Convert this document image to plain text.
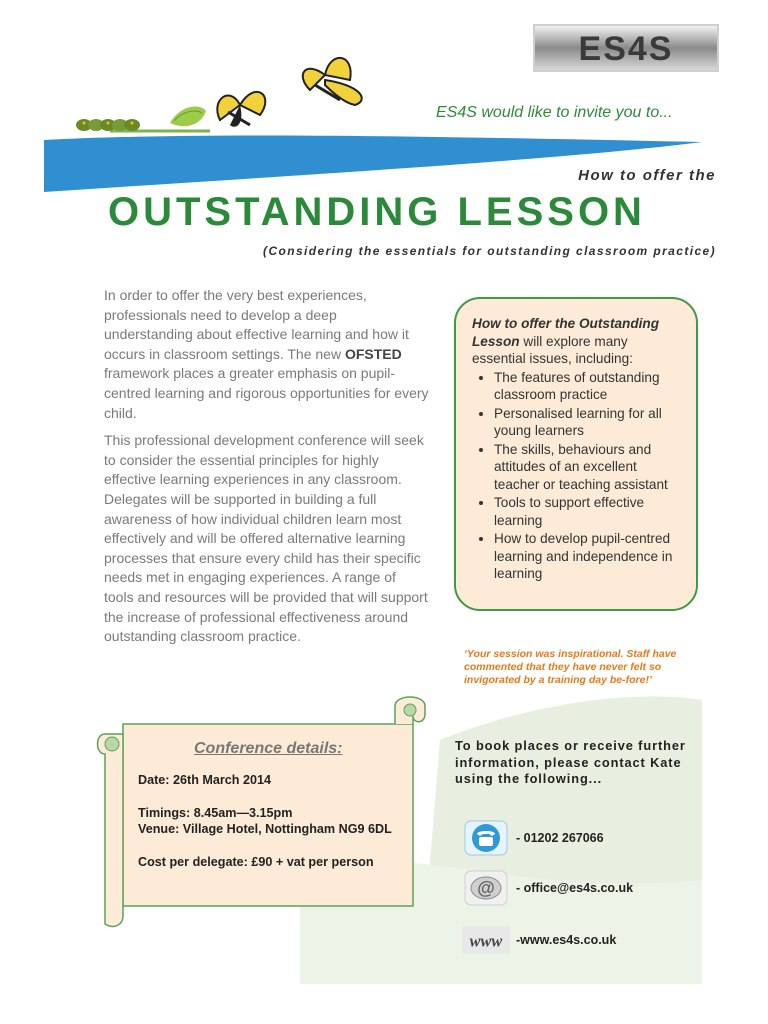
ES4S
ES4S would like to invite you to...
How to offer the
OUTSTANDING LESSON
(Considering the essentials for outstanding classroom practice)

In order to offer the very best experiences, professionals need to develop a deep understanding about effective learning and how it occurs in classroom settings. The new OFSTED framework places a greater emphasis on pupil-centred learning and rigorous opportunities for every child.

This professional development conference will seek to consider the essential principles for highly effective learning experiences in any classroom. Delegates will be supported in building a full awareness of how individual children learn most effectively and will be offered alternative learning processes that ensure every child has their specific needs met in engaging experiences. A range of tools and resources will be provided that will support the increase of professional effectiveness around outstanding classroom practice.

How to offer the Outstanding Lesson will explore many essential issues, including:
• The features of outstanding classroom practice
• Personalised learning for all young learners
• The skills, behaviours and attitudes of an excellent teacher or teaching assistant
• Tools to support effective learning
• How to develop pupil-centred learning and independence in learning
‘Your session was inspirational. Staff have commented that they have never felt so invigorated by a training day be-fore!’
Conference details:
Date: 26th March 2014
Timings: 8.45am—3.15pm
Venue: Village Hotel, Nottingham NG9 6DL
Cost per delegate: £90 + vat per person
To book places or receive further information, please contact Kate using the following...
- 01202 267066
@ - office@es4s.co.uk
www -www.es4s.co.uk
